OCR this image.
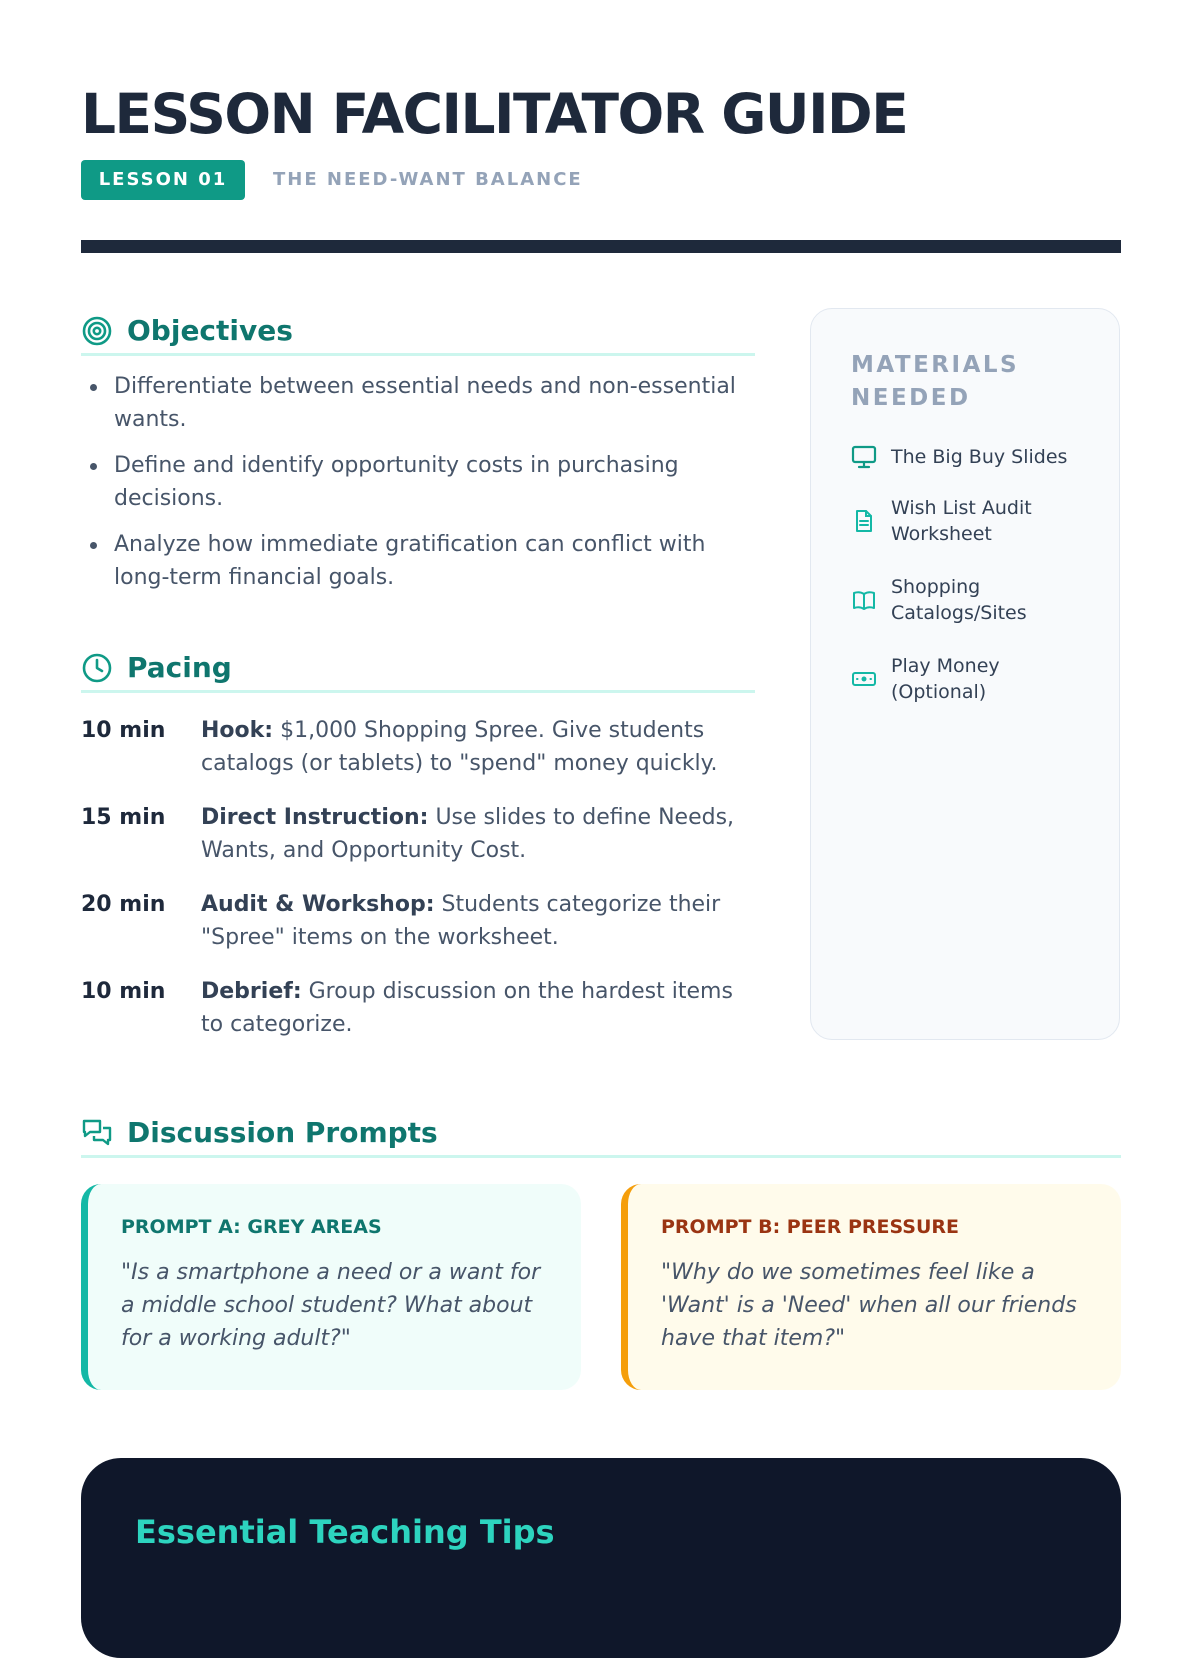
LESSON FACILITATOR GUIDE
LESSON 01	THE NEED-WANT BALANCE
Objectives
Differentiate between essential needs and non-essential wants.
Define and identify opportunity costs in purchasing decisions.
Analyze how immediate gratification can conflict with long-term financial goals.
Pacing
10 min Hook: $1,000 Shopping Spree. Give students catalogs (or tablets) to "spend" money quickly.
15 min Direct Instruction: Use slides to define Needs, Wants, and Opportunity Cost.
20 min Audit & Workshop: Students categorize their "Spree" items on the worksheet.
10 min Debrief: Group discussion on the hardest items to categorize.
MATERIALS NEEDED
The Big Buy Slides
Wish List Audit Worksheet
Shopping Catalogs/Sites
Play Money (Optional)
Discussion Prompts
PROMPT A: GREY AREAS
"Is a smartphone a need or a want for a middle school student? What about for a working adult?"
PROMPT B: PEER PRESSURE
"Why do we sometimes feel like a 'Want' is a 'Need' when all our friends have that item?"
Essential Teaching Tips
